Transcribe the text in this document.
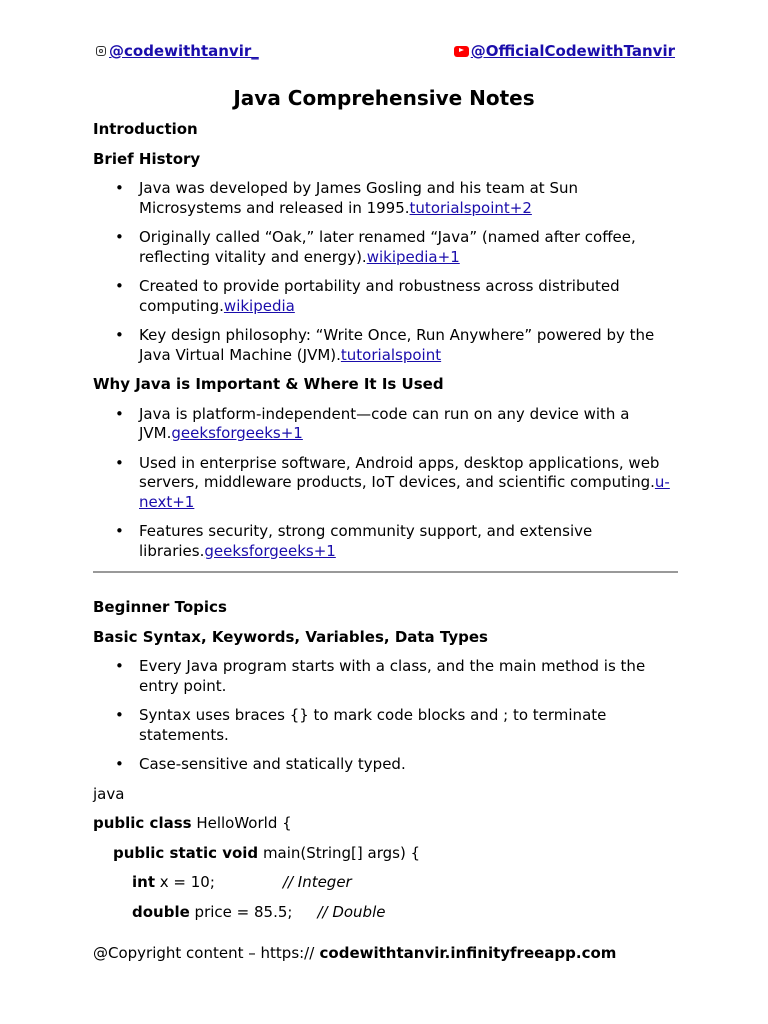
@codewithtanvir_	@OfficialCodewithTanvir
Java Comprehensive Notes
Introduction
Brief History
• Java was developed by James Gosling and his team at Sun Microsystems and released in 1995.tutorialspoint+2
• Originally called “Oak,” later renamed “Java” (named after coffee, reflecting vitality and energy).wikipedia+1
• Created to provide portability and robustness across distributed computing.wikipedia
• Key design philosophy: “Write Once, Run Anywhere” powered by the Java Virtual Machine (JVM).tutorialspoint
Why Java is Important & Where It Is Used
• Java is platform-independent—code can run on any device with a JVM.geeksforgeeks+1
• Used in enterprise software, Android apps, desktop applications, web servers, middleware products, IoT devices, and scientific computing.u-next+1
• Features security, strong community support, and extensive libraries.geeksforgeeks+1
Beginner Topics
Basic Syntax, Keywords, Variables, Data Types
• Every Java program starts with a class, and the main method is the entry point.
• Syntax uses braces {} to mark code blocks and ; to terminate statements.
• Case-sensitive and statically typed.

java

public class HelloWorld {

public static void main(String[] args) {

int x = 10;	// Integer

double price = 85.5; // Double

@Copyright content – https:// codewithtanvir.infinityfreeapp.com
